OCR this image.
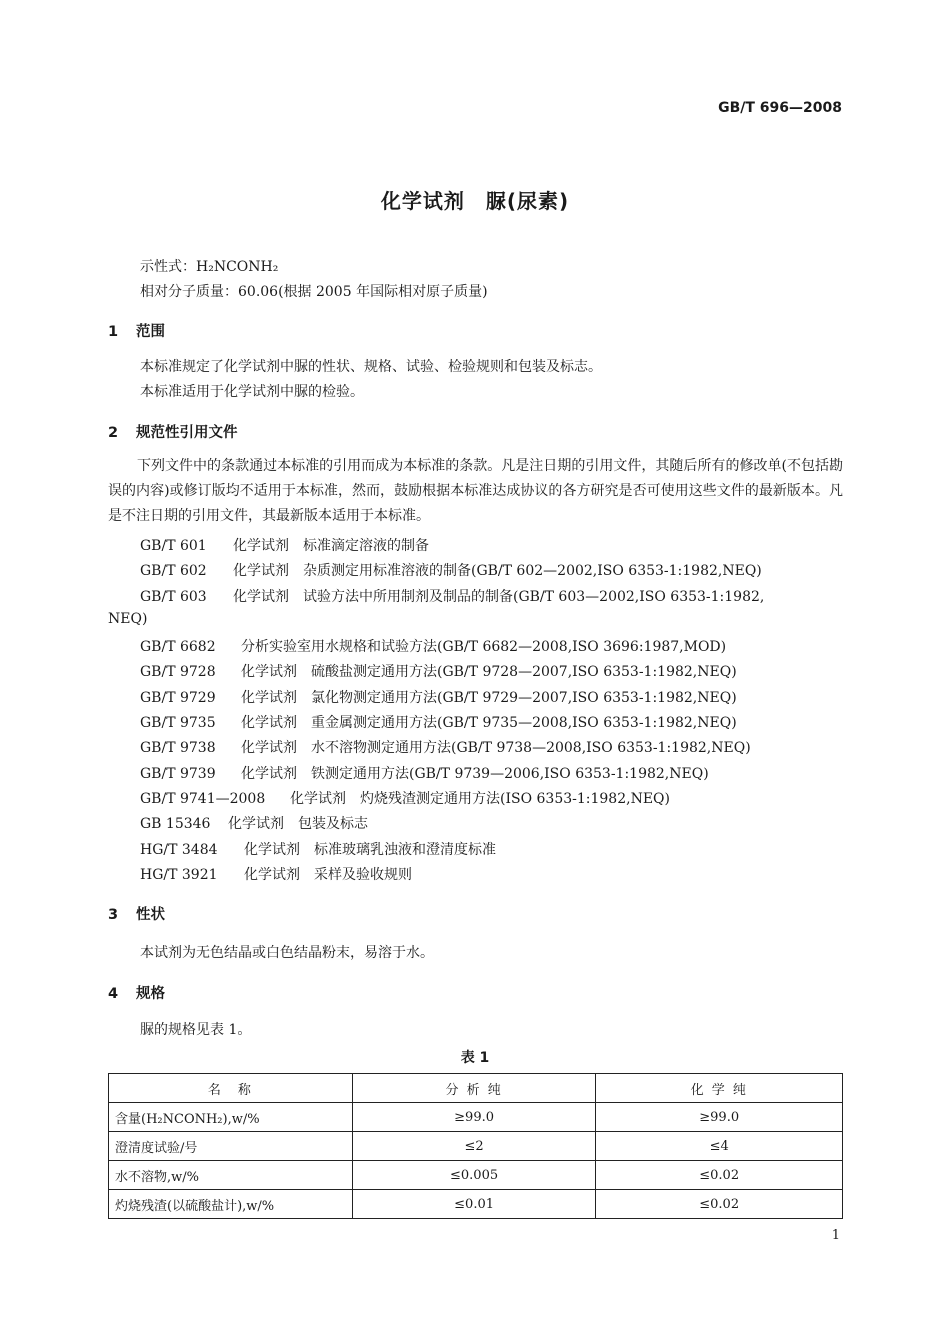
GB/T 696—2008
化学试剂　脲(尿素)
示性式：H₂NCONH₂
相对分子质量：60.06(根据 2005 年国际相对原子质量)
1 范围
本标准规定了化学试剂中脲的性状、规格、试验、检验规则和包装及标志。
本标准适用于化学试剂中脲的检验。
2 规范性引用文件
下列文件中的条款通过本标准的引用而成为本标准的条款。凡是注日期的引用文件，其随后所有的修改单(不包括勘误的内容)或修订版均不适用于本标准，然而，鼓励根据本标准达成协议的各方研究是否可使用这些文件的最新版本。凡是不注日期的引用文件，其最新版本适用于本标准。
GB/T 601 化学试剂　标准滴定溶液的制备
GB/T 602 化学试剂　杂质测定用标准溶液的制备(GB/T 602—2002,ISO 6353-1:1982,NEQ)
GB/T 603 化学试剂　试验方法中所用制剂及制品的制备(GB/T 603—2002,ISO 6353-1:1982,
NEQ)
GB/T 6682 分析实验室用水规格和试验方法(GB/T 6682—2008,ISO 3696:1987,MOD)
GB/T 9728 化学试剂　硫酸盐测定通用方法(GB/T 9728—2007,ISO 6353-1:1982,NEQ)
GB/T 9729 化学试剂　氯化物测定通用方法(GB/T 9729—2007,ISO 6353-1:1982,NEQ)
GB/T 9735 化学试剂　重金属测定通用方法(GB/T 9735—2008,ISO 6353-1:1982,NEQ)
GB/T 9738 化学试剂　水不溶物测定通用方法(GB/T 9738—2008,ISO 6353-1:1982,NEQ)
GB/T 9739 化学试剂　铁测定通用方法(GB/T 9739—2006,ISO 6353-1:1982,NEQ)
GB/T 9741—2008 化学试剂　灼烧残渣测定通用方法(ISO 6353-1:1982,NEQ)
GB 15346 化学试剂　包装及标志
HG/T 3484 化学试剂　标准玻璃乳浊液和澄清度标准
HG/T 3921 化学试剂　采样及验收规则
3 性状
本试剂为无色结晶或白色结晶粉末，易溶于水。
4 规格
脲的规格见表 1。
表 1
名　称	分 析 纯	化 学 纯
含量(H₂NCONH₂),w/%	≥99.0	≥99.0
澄清度试验/号	≤2	≤4
水不溶物,w/%	≤0.005	≤0.02
灼烧残渣(以硫酸盐计),w/%	≤0.01	≤0.02
1
